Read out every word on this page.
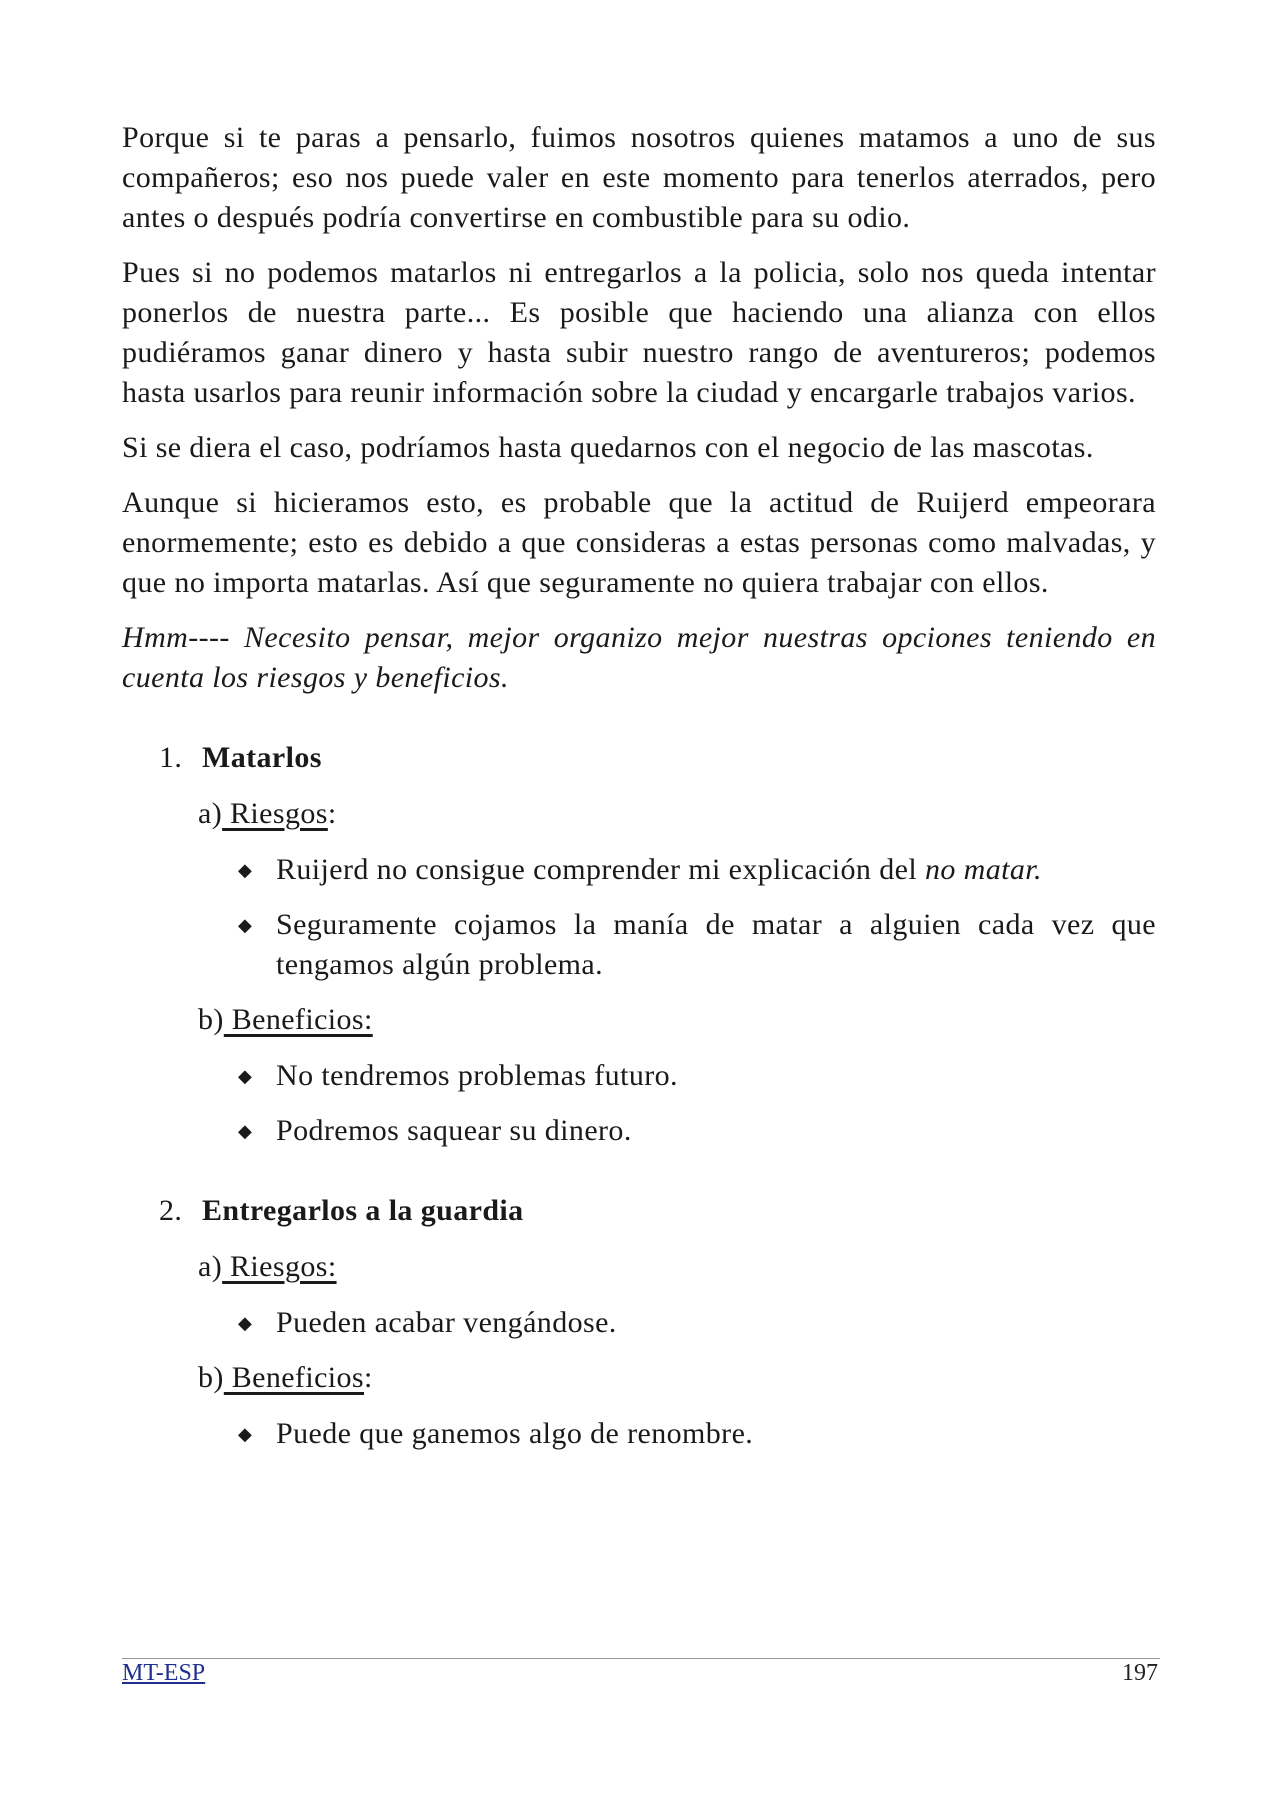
Porque si te paras a pensarlo, fuimos nosotros quienes matamos a uno de sus compañeros; eso nos puede valer en este momento para tenerlos aterrados, pero antes o después podría convertirse en combustible para su odio.

Pues si no podemos matarlos ni entregarlos a la policia, solo nos queda intentar ponerlos de nuestra parte... Es posible que haciendo una alianza con ellos pudiéramos ganar dinero y hasta subir nuestro rango de aventureros; podemos hasta usarlos para reunir información sobre la ciudad y encargarle trabajos varios.

Si se diera el caso, podríamos hasta quedarnos con el negocio de las mascotas.

Aunque si hicieramos esto, es probable que la actitud de Ruijerd empeorara enormemente; esto es debido a que consideras a estas personas como malvadas, y que no importa matarlas. Así que seguramente no quiera trabajar con ellos.

Hmm---- Necesito pensar, mejor organizo mejor nuestras opciones teniendo en cuenta los riesgos y beneficios.

1. Matarlos
a) Riesgos:
◆ Ruijerd no consigue comprender mi explicación del no matar.
◆ Seguramente cojamos la manía de matar a alguien cada vez que tengamos algún problema.
b) Beneficios:
◆ No tendremos problemas futuro.
◆ Podremos saquear su dinero.
2. Entregarlos a la guardia
a) Riesgos:
◆ Pueden acabar vengándose.
b) Beneficios:
◆ Puede que ganemos algo de renombre.
MT-ESP	197
